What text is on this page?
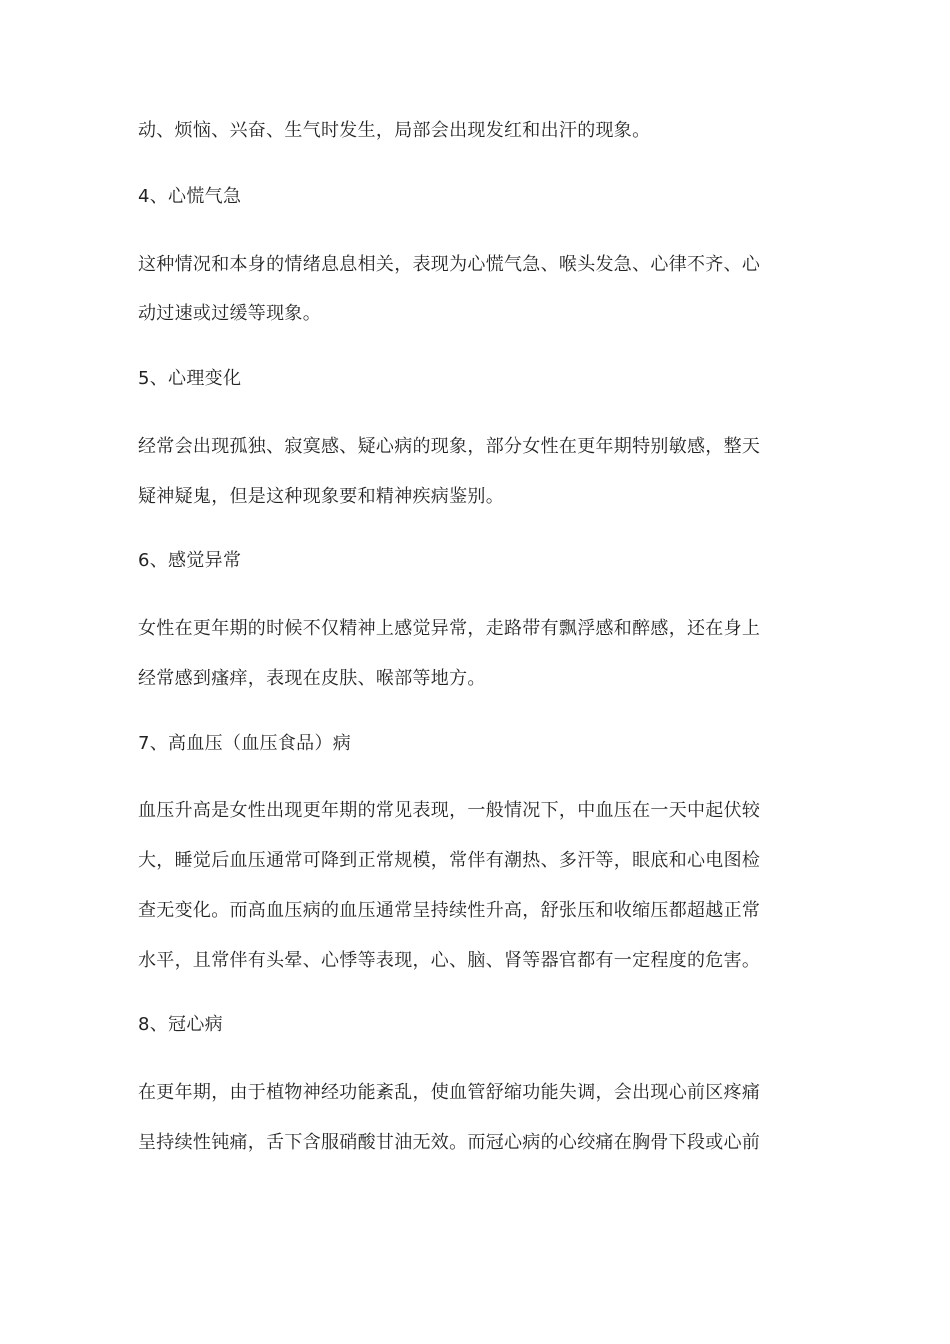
动、烦恼、兴奋、生气时发生，局部会出现发红和出汗的现象。
4、心慌气急
这种情况和本身的情绪息息相关，表现为心慌气急、喉头发急、心律不齐、心
动过速或过缓等现象。
5、心理变化
经常会出现孤独、寂寞感、疑心病的现象，部分女性在更年期特别敏感，整天
疑神疑鬼，但是这种现象要和精神疾病鉴别。
6、感觉异常
女性在更年期的时候不仅精神上感觉异常，走路带有飘浮感和醉感，还在身上
经常感到瘙痒，表现在皮肤、喉部等地方。
7、高血压（血压食品）病
血压升高是女性出现更年期的常见表现，一般情况下，中血压在一天中起伏较
大，睡觉后血压通常可降到正常规模，常伴有潮热、多汗等，眼底和心电图检
查无变化。而高血压病的血压通常呈持续性升高，舒张压和收缩压都超越正常
水平，且常伴有头晕、心悸等表现，心、脑、肾等器官都有一定程度的危害。
8、冠心病
在更年期，由于植物神经功能紊乱，使血管舒缩功能失调，会出现心前区疼痛
呈持续性钝痛，舌下含服硝酸甘油无效。而冠心病的心绞痛在胸骨下段或心前
